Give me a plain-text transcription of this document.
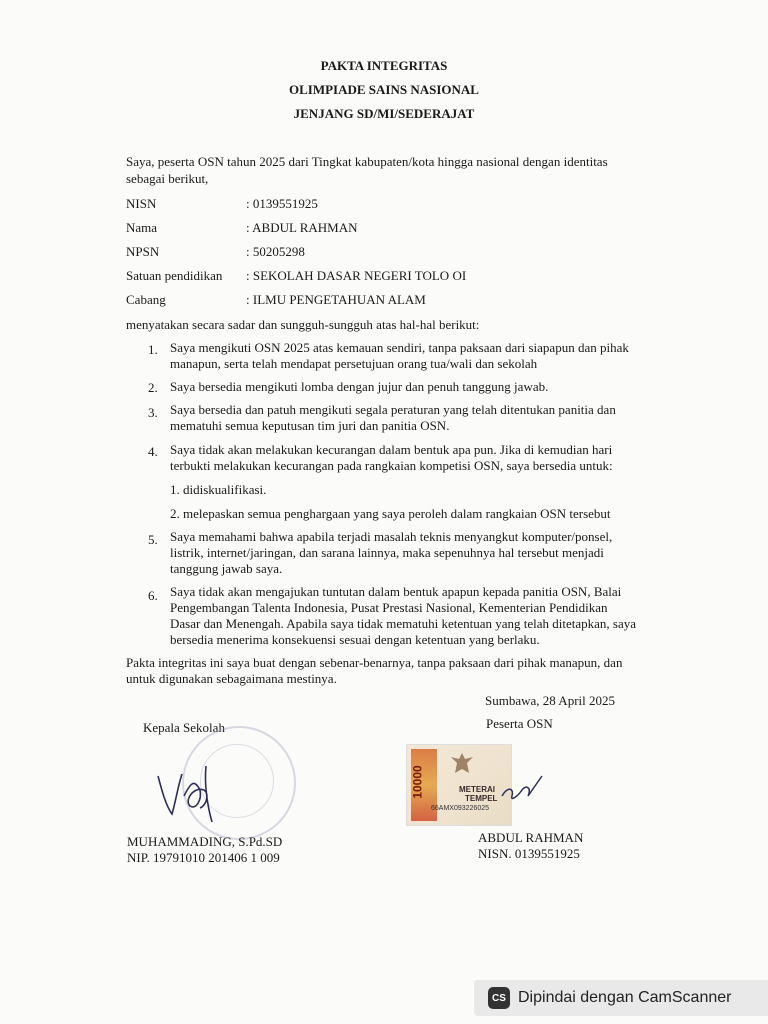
PAKTA INTEGRITAS
OLIMPIADE SAINS NASIONAL
JENJANG SD/MI/SEDERAJAT
Saya, peserta OSN tahun 2025 dari Tingkat kabupaten/kota hingga nasional dengan identitas
sebagai berikut,
NISN	: 0139551925
Nama	: ABDUL RAHMAN
NPSN	: 50205298
Satuan pendidikan : SEKOLAH DASAR NEGERI TOLO OI
Cabang	: ILMU PENGETAHUAN ALAM
menyatakan secara sadar dan sungguh-sungguh atas hal-hal berikut:
1. Saya mengikuti OSN 2025 atas kemauan sendiri, tanpa paksaan dari siapapun dan pihak
manapun, serta telah mendapat persetujuan orang tua/wali dan sekolah
2. Saya bersedia mengikuti lomba dengan jujur dan penuh tanggung jawab.
3. Saya bersedia dan patuh mengikuti segala peraturan yang telah ditentukan panitia dan
mematuhi semua keputusan tim juri dan panitia OSN.
4. Saya tidak akan melakukan kecurangan dalam bentuk apa pun. Jika di kemudian hari
terbukti melakukan kecurangan pada rangkaian kompetisi OSN, saya bersedia untuk:
1. didiskualifikasi.
2. melepaskan semua penghargaan yang saya peroleh dalam rangkaian OSN tersebut
5. Saya memahami bahwa apabila terjadi masalah teknis menyangkut komputer/ponsel,
listrik, internet/jaringan, dan sarana lainnya, maka sepenuhnya hal tersebut menjadi
tanggung jawab saya.
6. Saya tidak akan mengajukan tuntutan dalam bentuk apapun kepada panitia OSN, Balai
Pengembangan Talenta Indonesia, Pusat Prestasi Nasional, Kementerian Pendidikan
Dasar dan Menengah. Apabila saya tidak mematuhi ketentuan yang telah ditetapkan, saya
bersedia menerima konsekuensi sesuai dengan ketentuan yang berlaku.
Pakta integritas ini saya buat dengan sebenar-benarnya, tanpa paksaan dari pihak manapun, dan
untuk digunakan sebagaimana mestinya.
Sumbawa, 28 April 2025
Peserta OSN
Kepala Sekolah
10000	METERAI
TEMPEL
66AMX093226025
MUHAMMADING, S.Pd.SD
NIP. 19791010 201406 1 009
ABDUL RAHMAN
NISN. 0139551925
CS Dipindai dengan CamScanner
